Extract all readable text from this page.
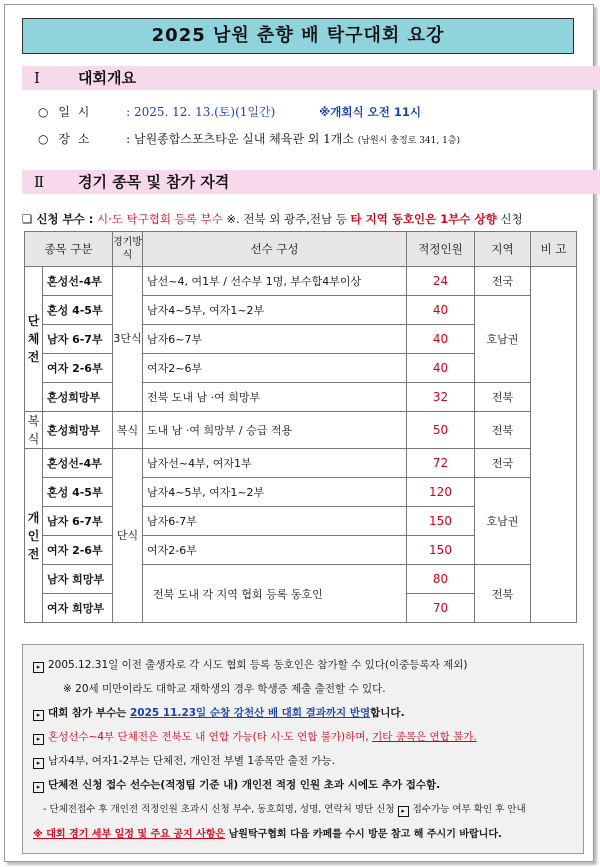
2025 남원 춘향 배 탁구대회 요강
Ⅰ	대회개요
○ 일 시	: 2025. 12. 13.(토)(1일간)	※개회식 오전 11시
○ 장 소	: 남원종합스포츠타운 실내 체육관 외 1개소 (남원시 충정로 341, 1층)
Ⅱ 경기 종목 및 참가 자격
❑ 신청 부수 : 시·도 탁구협회 등록 부수 ※. 전북 외 광주,전남 등 타 지역 동호인은 1부수 상향 신청
종목 구분		경기방식	선수 구성	적정인원	지역	비 고
단체전	혼성선-4부	3단식	남선~4, 여1부 / 선수부 1명, 부수합4부이상	24	전국	
	혼성 4-5부		남자4~5부, 여자1~2부	40	호남권	
	남자 6-7부		남자6~7부	40		
	여자 2-6부		여자2~6부	40		
	혼성희망부		전북 도내 남 ·여 희망부	32	전북	
복식	혼성희망부	복식	도내 남 ·여 희망부 / 승급 적용	50	전북	
개인전	혼성선-4부	단식	남자선~4부, 여자1부	72	전국	
	혼성 4-5부		남자4~5부, 여자1~2부	120	호남권	
	남자 6-7부		남자6-7부	150		
	여자 2-6부		여자2-6부	150		
	남자 희망부		전북 도내 각 지역 협회 등록 동호인	80	전북	
	여자 희망부			70		
▸ 2005.12.31일 이전 출생자로 각 시도 협회 등록 동호인은 참가할 수 있다(이중등록자 제외)
※ 20세 미만이라도 대학교 재학생의 경우 학생증 제출 출전할 수 있다.
▸ 대회 참가 부수는 2025 11.23일 순창 강천산 배 대회 결과까지 반영합니다.
▸ 혼성선수~4부 단체전은 전북도 내 연합 가능(타 시·도 연합 불가)하며, 기타 종목은 연합 불가.
▸ 남자4부, 여자1-2부는 단체전, 개인전 부별 1종목만 출전 가능.
▸ 단체전 신청 접수 선수는(적정팀 기준 내) 개인전 적정 인원 초과 시에도 추가 접수함.
- 단체전접수 후 개인전 적정인원 초과시 신청 부수, 동호회명, 성명, 연락처 명단 신청 ▸ 접수가능 여부 확인 후 안내
※ 대회 경기 세부 일정 및 주요 공지 사항은 남원탁구협회 다음 카페를 수시 방문 참고 해 주시기 바랍니다.
